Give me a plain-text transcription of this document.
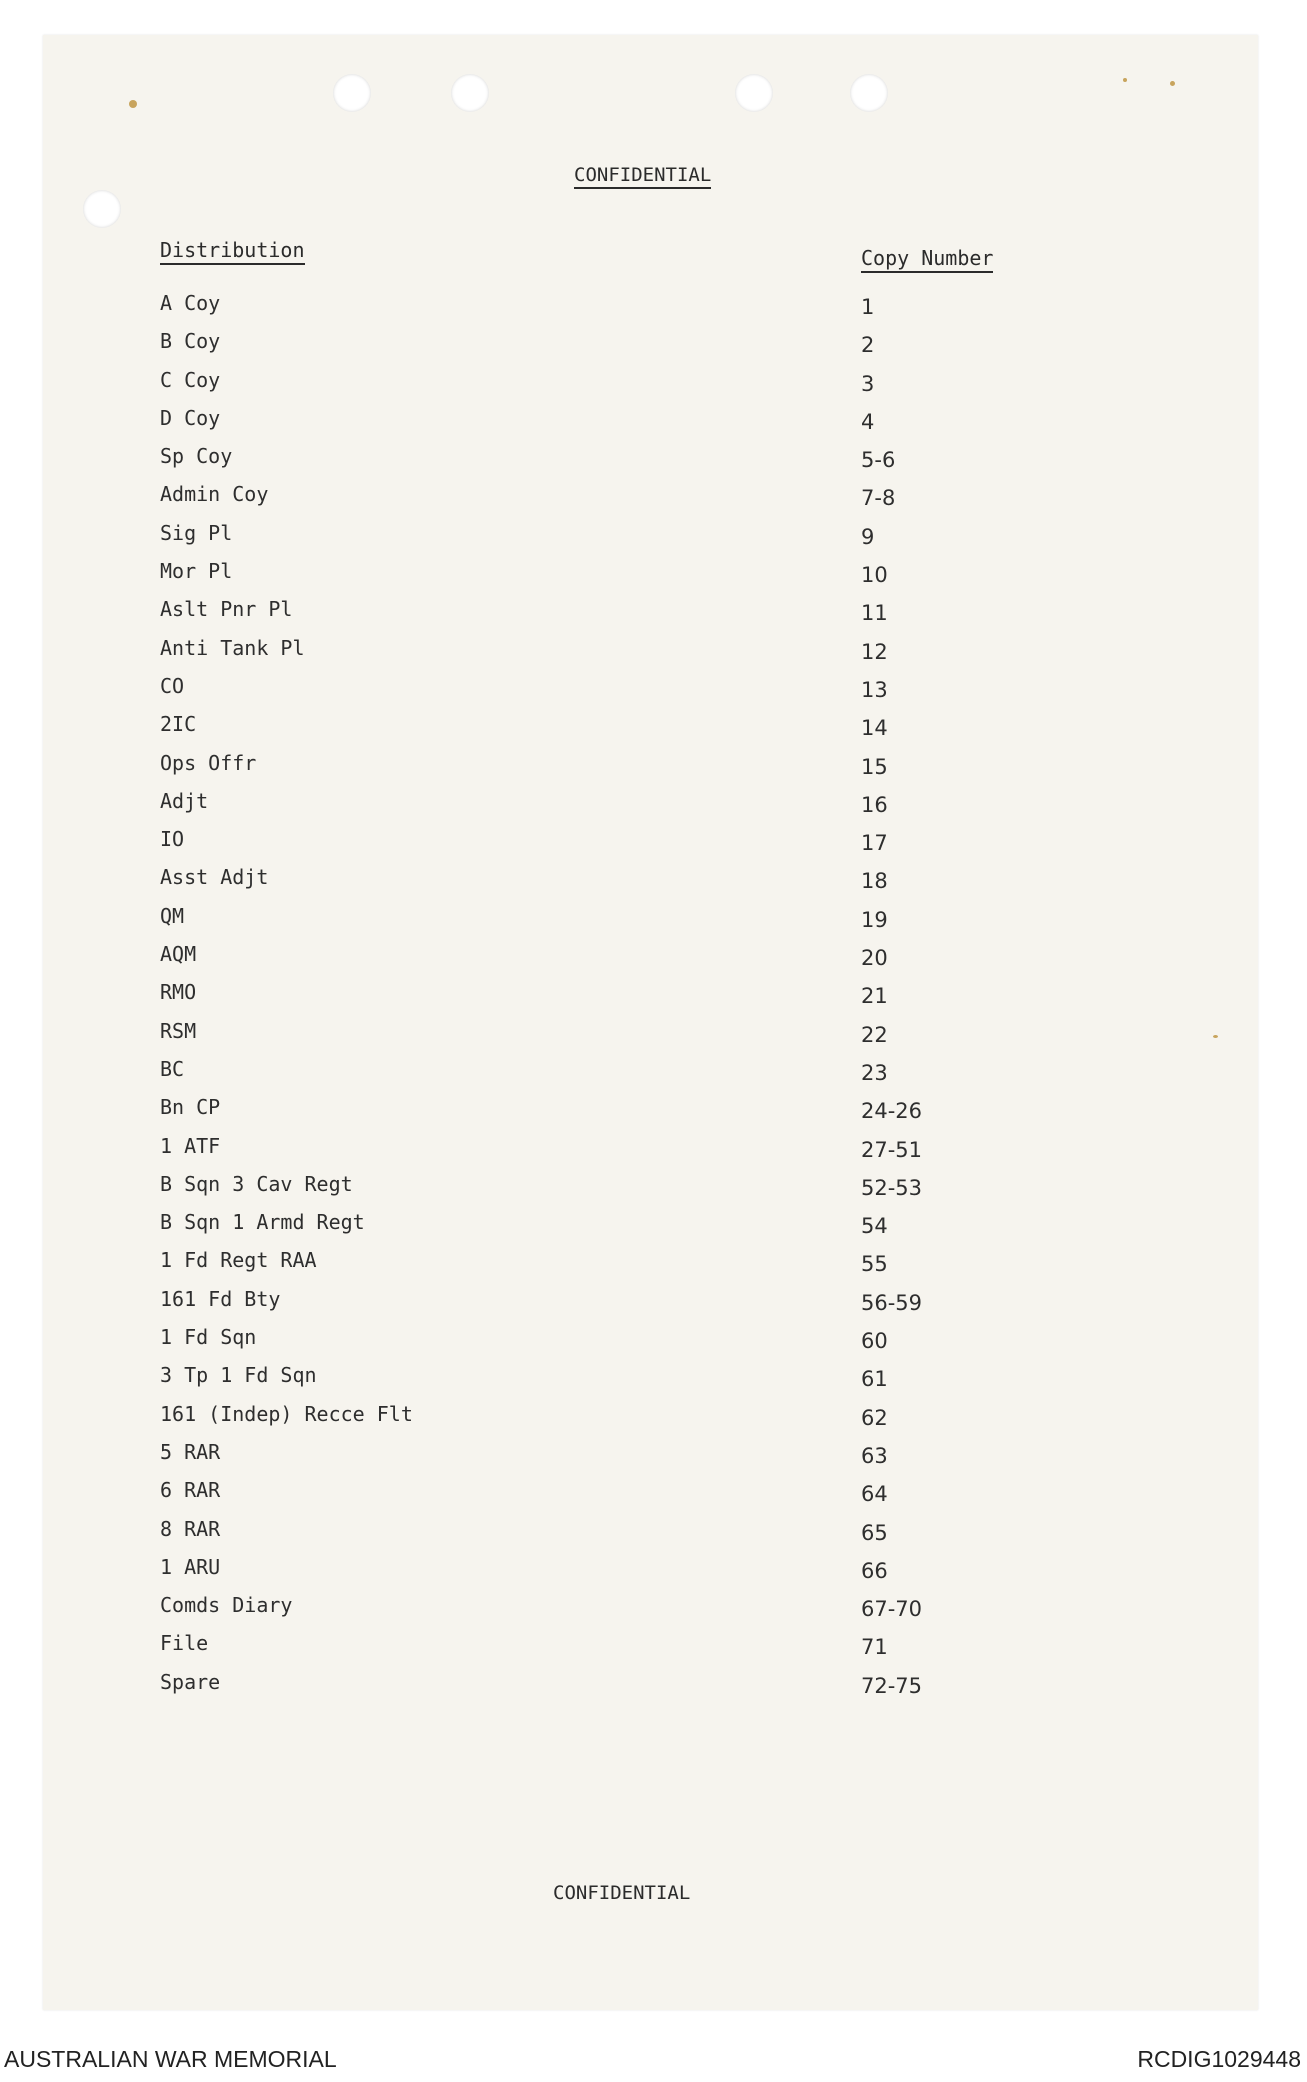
CONFIDENTIAL
Distribution	Copy Number
A Coy	1
B Coy	2
C Coy	3
D Coy	4
Sp Coy	5-6
Admin Coy	7-8
Sig Pl	9
Mor Pl	10
Aslt Pnr Pl	11
Anti Tank Pl	12
CO	13
2IC	14
Ops Offr	15
Adjt	16
IO	17
Asst Adjt	18
QM	19
AQM	20
RMO	21
RSM	22
BC	23
Bn CP	24-26
1 ATF	27-51
B Sqn 3 Cav Regt	52-53
B Sqn 1 Armd Regt	54
1 Fd Regt RAA	55
161 Fd Bty	56-59
1 Fd Sqn	60
3 Tp 1 Fd Sqn	61
161 (Indep) Recce Flt	62
5 RAR	63
6 RAR	64
8 RAR	65
1 ARU	66
Comds Diary	67-70
File	71
Spare	72-75
CONFIDENTIAL
AUSTRALIAN WAR MEMORIAL	RCDIG1029448
